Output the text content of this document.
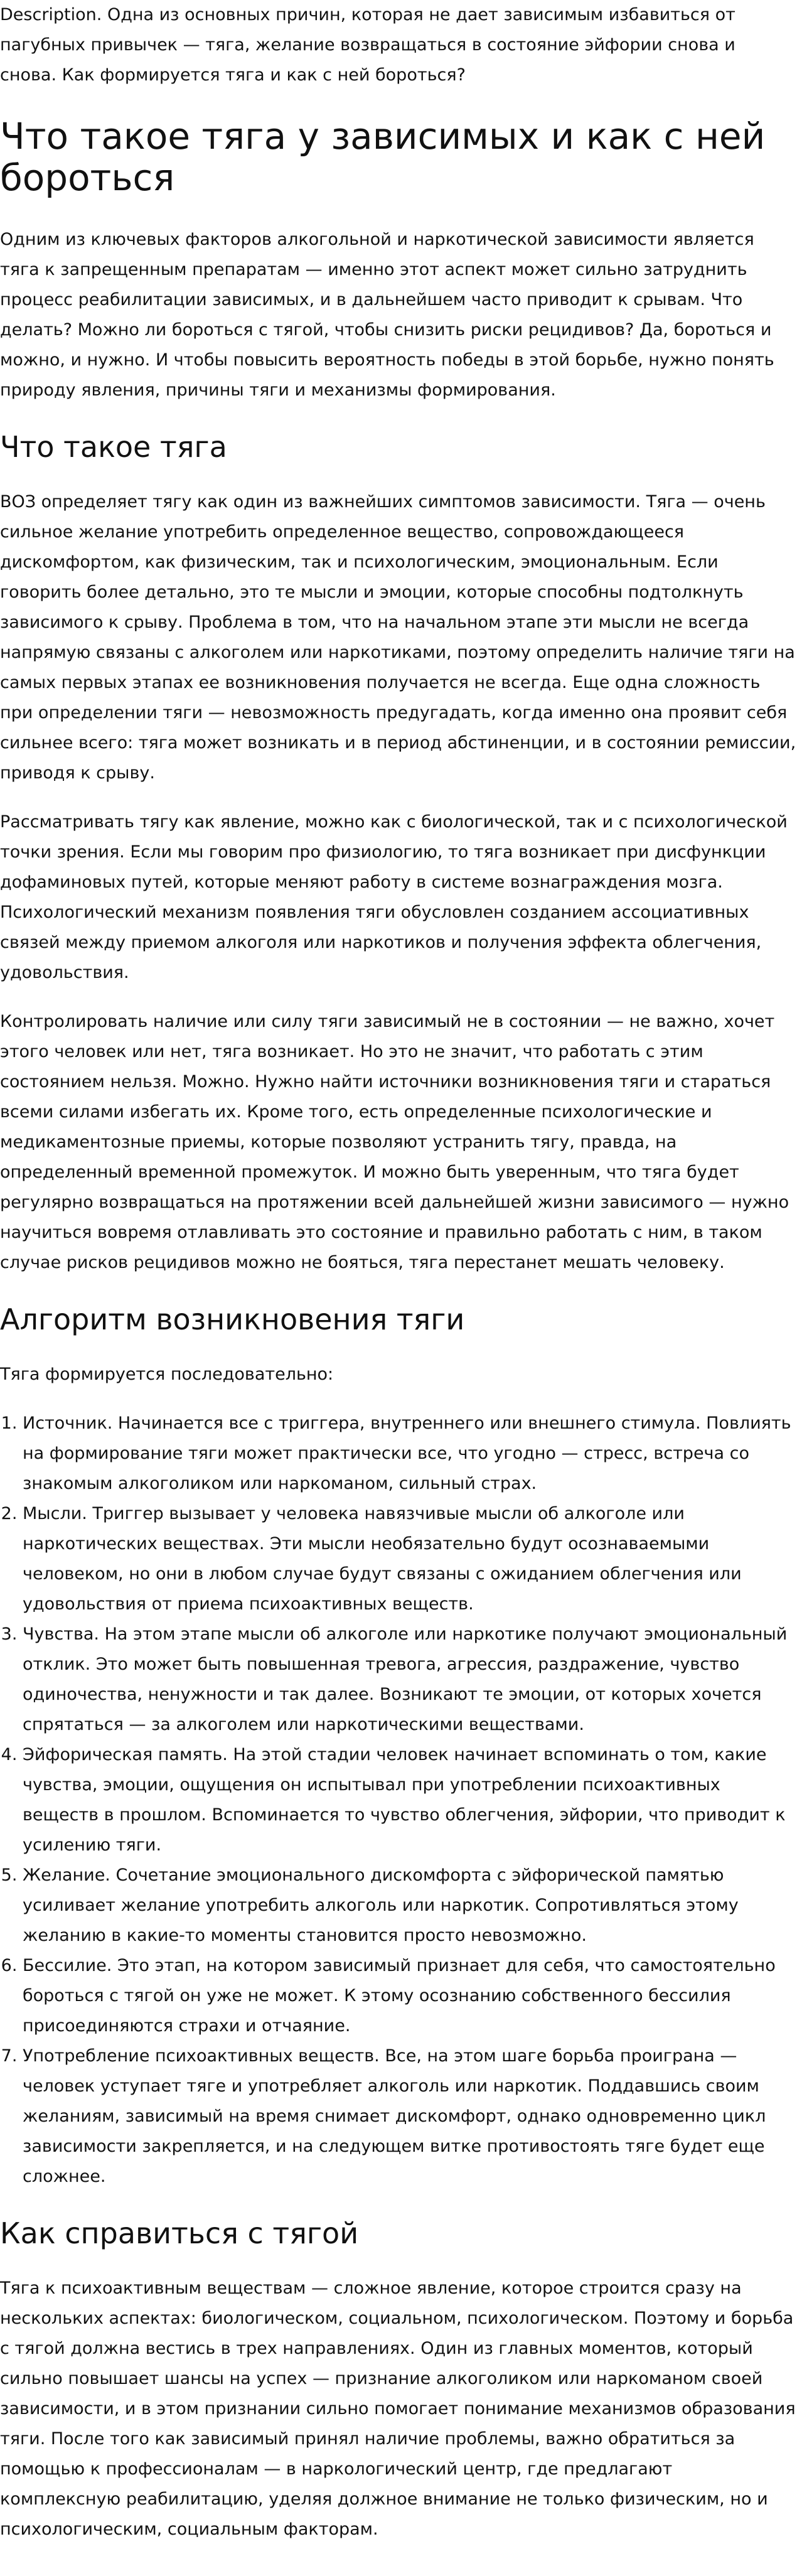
Description. Одна из основных причин, которая не дает зависимым избавиться от пагубных привычек — тяга, желание возвращаться в состояние эйфории снова и снова. Как формируется тяга и как с ней бороться?

Что такое тяга у зависимых и как с ней бороться

Одним из ключевых факторов алкогольной и наркотической зависимости является тяга к запрещенным препаратам — именно этот аспект может сильно затруднить процесс реабилитации зависимых, и в дальнейшем часто приводит к срывам. Что делать? Можно ли бороться с тягой, чтобы снизить риски рецидивов? Да, бороться и можно, и нужно. И чтобы повысить вероятность победы в этой борьбе, нужно понять природу явления, причины тяги и механизмы формирования.

Что такое тяга

ВОЗ определяет тягу как один из важнейших симптомов зависимости. Тяга — очень сильное желание употребить определенное вещество, сопровождающееся дискомфортом, как физическим, так и психологическим, эмоциональным. Если говорить более детально, это те мысли и эмоции, которые способны подтолкнуть зависимого к срыву. Проблема в том, что на начальном этапе эти мысли не всегда напрямую связаны с алкоголем или наркотиками, поэтому определить наличие тяги на самых первых этапах ее возникновения получается не всегда. Еще одна сложность при определении тяги — невозможность предугадать, когда именно она проявит себя сильнее всего: тяга может возникать и в период абстиненции, и в состоянии ремиссии, приводя к срыву.

Рассматривать тягу как явление, можно как с биологической, так и с психологической точки зрения. Если мы говорим про физиологию, то тяга возникает при дисфункции дофаминовых путей, которые меняют работу в системе вознаграждения мозга. Психологический механизм появления тяги обусловлен созданием ассоциативных связей между приемом алкоголя или наркотиков и получения эффекта облегчения, удовольствия.

Контролировать наличие или силу тяги зависимый не в состоянии — не важно, хочет этого человек или нет, тяга возникает. Но это не значит, что работать с этим состоянием нельзя. Можно. Нужно найти источники возникновения тяги и стараться всеми силами избегать их. Кроме того, есть определенные психологические и медикаментозные приемы, которые позволяют устранить тягу, правда, на определенный временной промежуток. И можно быть уверенным, что тяга будет регулярно возвращаться на протяжении всей дальнейшей жизни зависимого — нужно научиться вовремя отлавливать это состояние и правильно работать с ним, в таком случае рисков рецидивов можно не бояться, тяга перестанет мешать человеку.

Алгоритм возникновения тяги

Тяга формируется последовательно:

1. Источник. Начинается все с триггера, внутреннего или внешнего стимула. Повлиять на формирование тяги может практически все, что угодно — стресс, встреча со знакомым алкоголиком или наркоманом, сильный страх.
2. Мысли. Триггер вызывает у человека навязчивые мысли об алкоголе или наркотических веществах. Эти мысли необязательно будут осознаваемыми человеком, но они в любом случае будут связаны с ожиданием облегчения или удовольствия от приема психоактивных веществ.
3. Чувства. На этом этапе мысли об алкоголе или наркотике получают эмоциональный отклик. Это может быть повышенная тревога, агрессия, раздражение, чувство одиночества, ненужности и так далее. Возникают те эмоции, от которых хочется спрятаться — за алкоголем или наркотическими веществами.
4. Эйфорическая память. На этой стадии человек начинает вспоминать о том, какие чувства, эмоции, ощущения он испытывал при употреблении психоактивных веществ в прошлом. Вспоминается то чувство облегчения, эйфории, что приводит к усилению тяги.
5. Желание. Сочетание эмоционального дискомфорта с эйфорической памятью усиливает желание употребить алкоголь или наркотик. Сопротивляться этому желанию в какие-то моменты становится просто невозможно.
6. Бессилие. Это этап, на котором зависимый признает для себя, что самостоятельно бороться с тягой он уже не может. К этому осознанию собственного бессилия присоединяются страхи и отчаяние.
7. Употребление психоактивных веществ. Все, на этом шаге борьба проиграна — человек уступает тяге и употребляет алкоголь или наркотик. Поддавшись своим желаниям, зависимый на время снимает дискомфорт, однако одновременно цикл зависимости закрепляется, и на следующем витке противостоять тяге будет еще сложнее.
Как справиться с тягой

Тяга к психоактивным веществам — сложное явление, которое строится сразу на нескольких аспектах: биологическом, социальном, психологическом. Поэтому и борьба с тягой должна вестись в трех направлениях. Один из главных моментов, который сильно повышает шансы на успех — признание алкоголиком или наркоманом своей зависимости, и в этом признании сильно помогает понимание механизмов образования тяги. После того как зависимый принял наличие проблемы, важно обратиться за помощью к профессионалам — в наркологический центр, где предлагают комплексную реабилитацию, уделяя должное внимание не только физическим, но и психологическим, социальным факторам.
